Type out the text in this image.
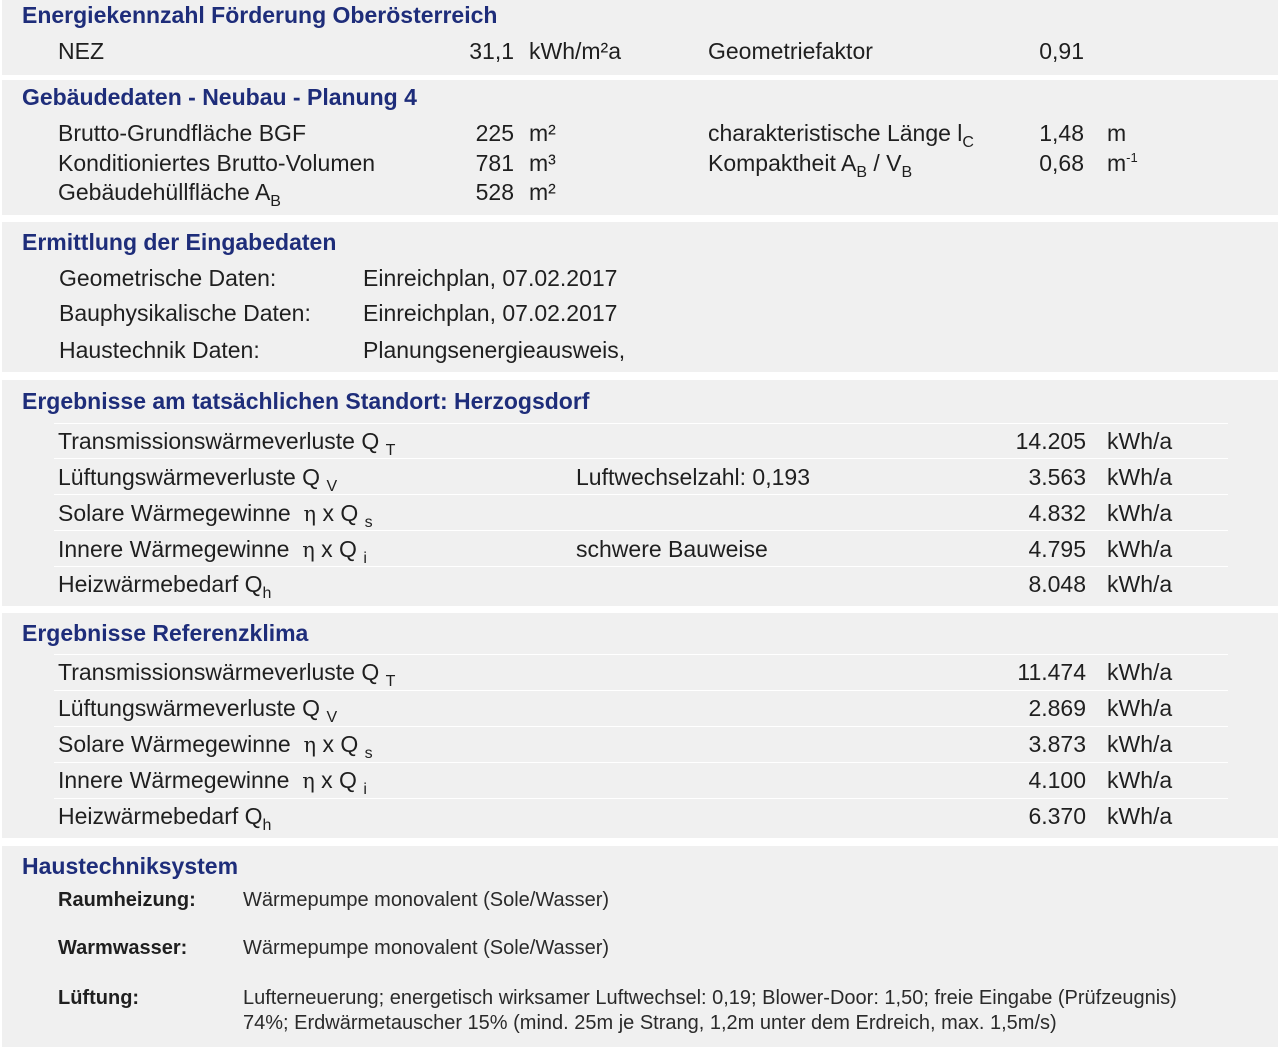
Energiekennzahl Förderung Oberösterreich
NEZ	31,1 kWh/m²a	Geometriefaktor	0,91
Gebäudedaten - Neubau - Planung 4
Brutto-Grundfläche BGF	225 m²
Konditioniertes Brutto-Volumen	781 m³
Gebäudehüllfläche $A_B$	528 m²
charakteristische Länge $l_C$	1,48 m
Kompaktheit $A_B / V_B$	0,68 $m^{-1}$
Ermittlung der Eingabedaten
Geometrische Daten:	Einreichplan, 07.02.2017
Bauphysikalische Daten: Einreichplan, 07.02.2017
Haustechnik Daten:	Planungsenergieausweis,
Ergebnisse am tatsächlichen Standort: Herzogsdorf
Transmissionswärmeverluste Q $_T$	14.205 kWh/a
Lüftungswärmeverluste Q $_V$	Luftwechselzahl: 0,193	3.563 kWh/a
Solare Wärmegewinne η x Q $_s$	4.832 kWh/a
Innere Wärmegewinne η x Q $_i$	schwere Bauweise	4.795 kWh/a
Heizwärmebedarf $Q_h$	8.048 kWh/a
Ergebnisse Referenzklima
Transmissionswärmeverluste Q $_T$	11.474 kWh/a
Lüftungswärmeverluste Q $_V$	2.869 kWh/a
Solare Wärmegewinne η x Q $_s$	3.873 kWh/a
Innere Wärmegewinne η x Q $_i$	4.100 kWh/a
Heizwärmebedarf $Q_h$	6.370 kWh/a
Haustechniksystem
Raumheizung: Wärmepumpe monovalent (Sole/Wasser)
Warmwasser:	Wärmepumpe monovalent (Sole/Wasser)
Lüftung:	Lufterneuerung; energetisch wirksamer Luftwechsel: 0,19; Blower-Door: 1,50; freie Eingabe (Prüfzeugnis) 74%; Erdwärmetauscher 15% (mind. 25m je Strang, 1,2m unter dem Erdreich, max. 1,5m/s)
